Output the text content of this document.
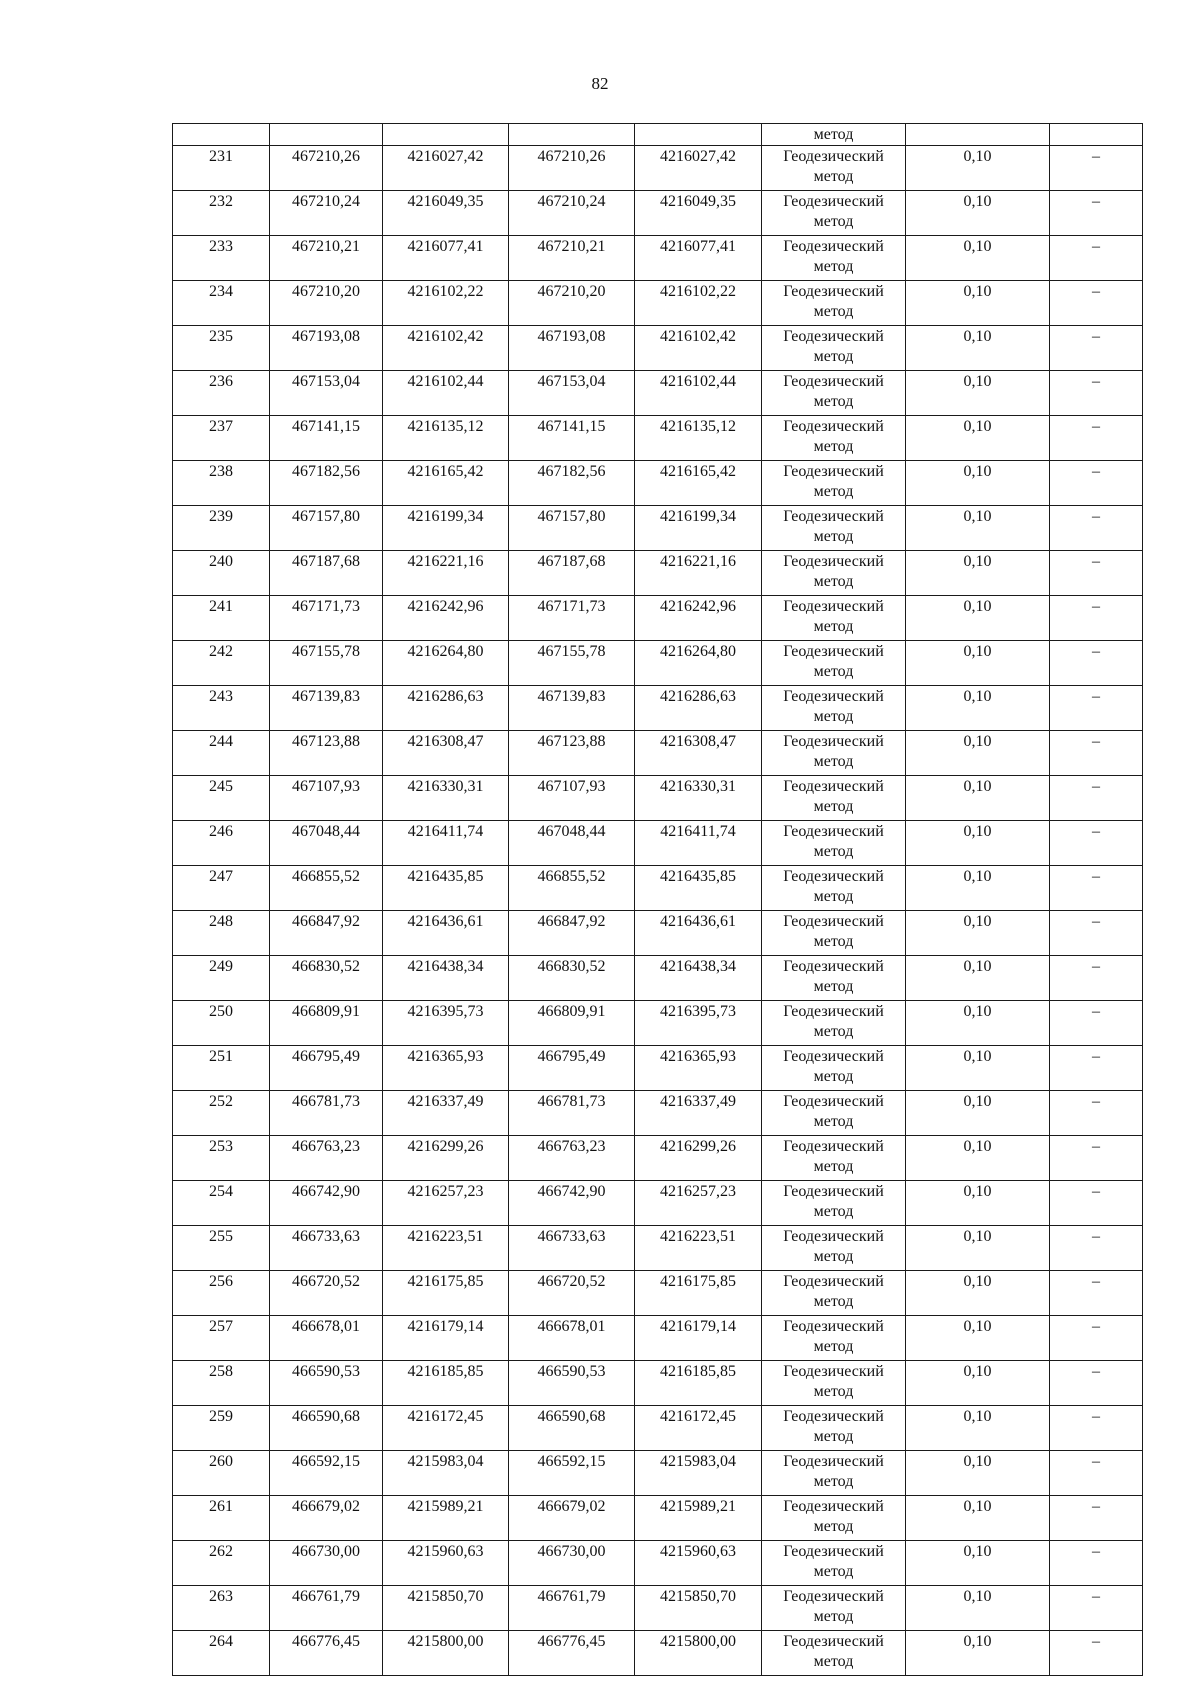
82
					метод		
231	467210,26	4216027,42	467210,26	4216027,42	Геодезический
метод	0,10	–
232	467210,24	4216049,35	467210,24	4216049,35	Геодезический
метод	0,10	–
233	467210,21	4216077,41	467210,21	4216077,41	Геодезический
метод	0,10	–
234	467210,20	4216102,22	467210,20	4216102,22	Геодезический
метод	0,10	–
235	467193,08	4216102,42	467193,08	4216102,42	Геодезический
метод	0,10	–
236	467153,04	4216102,44	467153,04	4216102,44	Геодезический
метод	0,10	–
237	467141,15	4216135,12	467141,15	4216135,12	Геодезический
метод	0,10	–
238	467182,56	4216165,42	467182,56	4216165,42	Геодезический
метод	0,10	–
239	467157,80	4216199,34	467157,80	4216199,34	Геодезический
метод	0,10	–
240	467187,68	4216221,16	467187,68	4216221,16	Геодезический
метод	0,10	–
241	467171,73	4216242,96	467171,73	4216242,96	Геодезический
метод	0,10	–
242	467155,78	4216264,80	467155,78	4216264,80	Геодезический
метод	0,10	–
243	467139,83	4216286,63	467139,83	4216286,63	Геодезический
метод	0,10	–
244	467123,88	4216308,47	467123,88	4216308,47	Геодезический
метод	0,10	–
245	467107,93	4216330,31	467107,93	4216330,31	Геодезический
метод	0,10	–
246	467048,44	4216411,74	467048,44	4216411,74	Геодезический
метод	0,10	–
247	466855,52	4216435,85	466855,52	4216435,85	Геодезический
метод	0,10	–
248	466847,92	4216436,61	466847,92	4216436,61	Геодезический
метод	0,10	–
249	466830,52	4216438,34	466830,52	4216438,34	Геодезический
метод	0,10	–
250	466809,91	4216395,73	466809,91	4216395,73	Геодезический
метод	0,10	–
251	466795,49	4216365,93	466795,49	4216365,93	Геодезический
метод	0,10	–
252	466781,73	4216337,49	466781,73	4216337,49	Геодезический
метод	0,10	–
253	466763,23	4216299,26	466763,23	4216299,26	Геодезический
метод	0,10	–
254	466742,90	4216257,23	466742,90	4216257,23	Геодезический
метод	0,10	–
255	466733,63	4216223,51	466733,63	4216223,51	Геодезический
метод	0,10	–
256	466720,52	4216175,85	466720,52	4216175,85	Геодезический
метод	0,10	–
257	466678,01	4216179,14	466678,01	4216179,14	Геодезический
метод	0,10	–
258	466590,53	4216185,85	466590,53	4216185,85	Геодезический
метод	0,10	–
259	466590,68	4216172,45	466590,68	4216172,45	Геодезический
метод	0,10	–
260	466592,15	4215983,04	466592,15	4215983,04	Геодезический
метод	0,10	–
261	466679,02	4215989,21	466679,02	4215989,21	Геодезический
метод	0,10	–
262	466730,00	4215960,63	466730,00	4215960,63	Геодезический
метод	0,10	–
263	466761,79	4215850,70	466761,79	4215850,70	Геодезический
метод	0,10	–
264	466776,45	4215800,00	466776,45	4215800,00	Геодезический
метод	0,10	–
